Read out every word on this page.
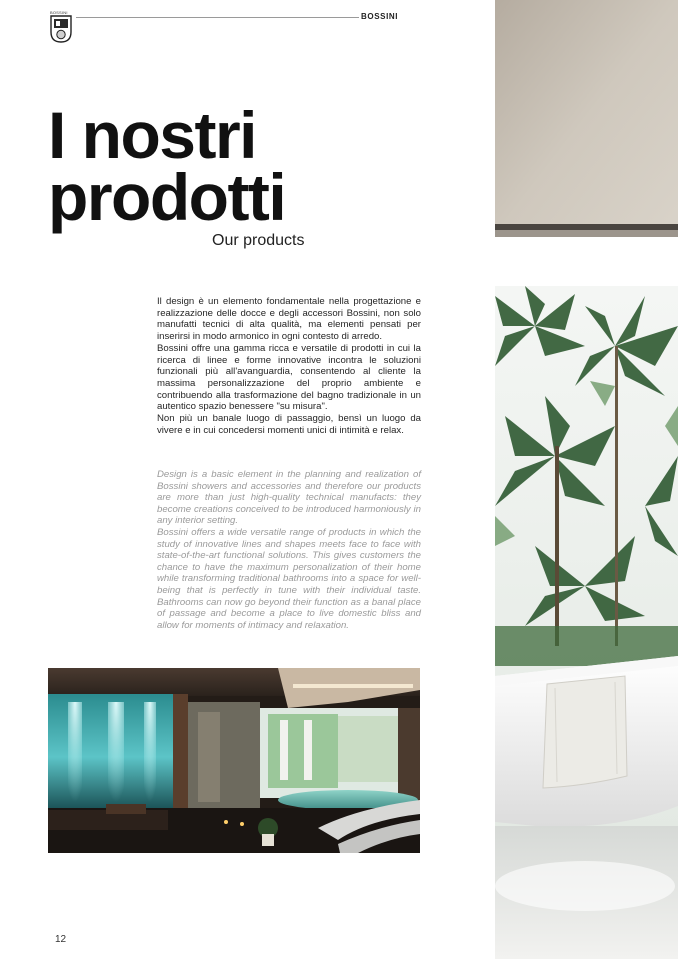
BOSSINI	BOSSINI
I nostri
prodotti
Our products

Il design è un elemento fondamentale nella progettazione e realizzazione delle docce e degli accessori Bossini, non solo manufatti tecnici di alta qualità, ma elementi pensati per inserirsi in modo armonico in ogni contesto di arredo.

Bossini offre una gamma ricca e versatile di prodotti in cui la ricerca di linee e forme innovative incontra le soluzioni funzionali più all'avanguardia, consentendo al cliente la massima personalizzazione del proprio ambiente e contribuendo alla trasformazione del bagno tradizionale in un autentico spazio benessere "su misura".

Non più un banale luogo di passaggio, bensì un luogo da vivere e in cui concedersi momenti unici di intimità e relax.

Design is a basic element in the planning and realization of Bossini showers and accessories and therefore our products are more than just high-quality technical manufacts: they become creations conceived to be introduced harmoniously in any interior setting.

Bossini offers a wide versatile range of products in which the study of innovative lines and shapes meets face to face with state-of-the-art functional solutions. This gives customers the chance to have the maximum personalization of their home while transforming traditional bathrooms into a space for well-being that is perfectly in tune with their individual taste. Bathrooms can now go beyond their function as a banal place of passage and become a place to live domestic bliss and allow for moments of intimacy and relaxation.

12
